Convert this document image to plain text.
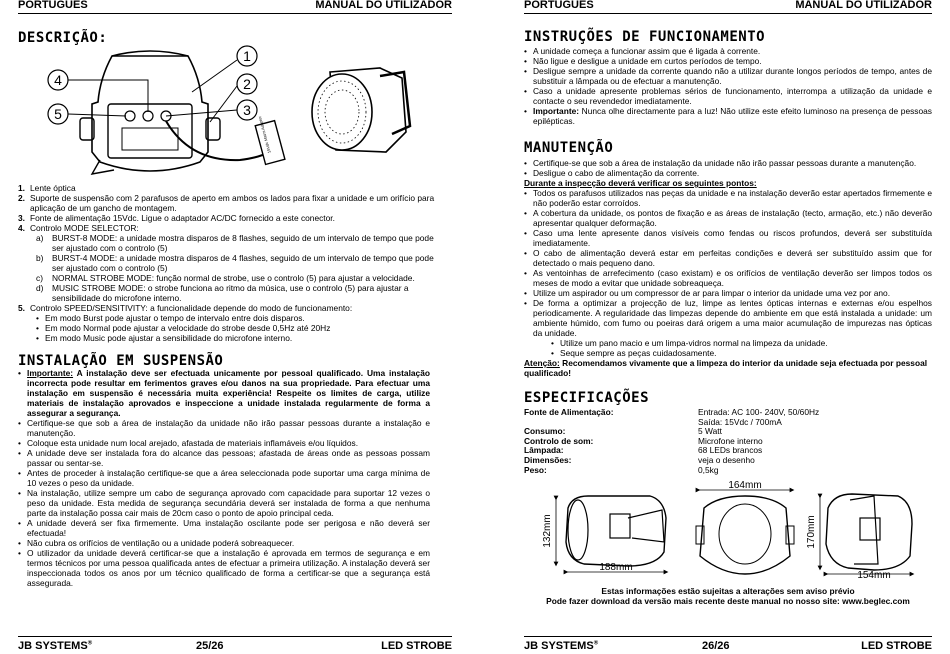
PORTUGUÊS	MANUAL DO UTILIZADOR
DESCRIÇÃO:
15Vdc Mains Adapter
1
2
3
4
5
1. Lente óptica
2. Suporte de suspensão com 2 parafusos de aperto em ambos os lados para fixar a unidade e um orifício para aplicação de um gancho de montagem.
3. Fonte de alimentação 15Vdc. Ligue o adaptador AC/DC fornecido a este conector.
4. Controlo MODE SELECTOR:
a)	BURST-8 MODE: a unidade mostra disparos de 8 flashes, seguido de um intervalo de tempo que pode ser ajustado com o controlo (5)
b)	BURST-4 MODE: a unidade mostra disparos de 4 flashes, seguido de um intervalo de tempo que pode ser ajustado com o controlo (5)
c)	NORMAL STROBE MODE: função normal de strobe, use o controlo (5) para ajustar a velocidade.
d)	MUSIC STROBE MODE: o strobe funciona ao ritmo da música, use o controlo (5) para ajustar a sensibilidade do microfone interno.
5. Controlo SPEED/SENSITIVITY: a funcionalidade depende do modo de funcionamento:
• Em modo Burst pode ajustar o tempo de intervalo entre dois disparos.
• Em modo Normal pode ajustar a velocidade do strobe desde 0,5Hz até 20Hz
• Em modo Music pode ajustar a sensibilidade do microfone interno.
INSTALAÇÃO EM SUSPENSÃO
• Importante: A instalação deve ser efectuada unicamente por pessoal qualificado. Uma instalação incorrecta pode resultar em ferimentos graves e/ou danos na sua propriedade. Para efectuar uma instalação em suspensão é necessária muita experiência! Respeite os limites de carga, utilize materiais de instalação aprovados e inspeccione a unidade instalada regularmente de forma a assegurar a segurança.
• Certifique-se que sob a área de instalação da unidade não irão passar pessoas durante a instalação e manutenção.
• Coloque esta unidade num local arejado, afastada de materiais inflamáveis e/ou líquidos.
• A unidade deve ser instalada fora do alcance das pessoas; afastada de áreas onde as pessoas possam passar ou sentar-se.
• Antes de proceder à instalação certifique-se que a área seleccionada pode suportar uma carga mínima de 10 vezes o peso da unidade.
• Na instalação, utilize sempre um cabo de segurança aprovado com capacidade para suportar 12 vezes o peso da unidade. Esta medida de segurança secundária deverá ser instalada de forma a que nenhuma parte da instalação possa cair mais de 20cm caso o ponto de apoio principal ceda.
• A unidade deverá ser fixa firmemente. Uma instalação oscilante pode ser perigosa e não deverá ser efectuada!
• Não cubra os orifícios de ventilação ou a unidade poderá sobreaquecer.
• O utilizador da unidade deverá certificar-se que a instalação é aprovada em termos de segurança e em termos técnicos por uma pessoa qualificada antes de efectuar a primeira utilização. A instalação deverá ser inspeccionada todos os anos por um técnico qualificado de forma a certificar-se que a segurança está assegurada.
JB SYSTEMS®	25/26	LED STROBE
PORTUGUÊS	MANUAL DO UTILIZADOR
INSTRUÇÕES DE FUNCIONAMENTO
• A unidade começa a funcionar assim que é ligada à corrente.
• Não ligue e desligue a unidade em curtos períodos de tempo.
• Desligue sempre a unidade da corrente quando não a utilizar durante longos períodos de tempo, antes de substituir a lâmpada ou de efectuar a manutenção.
• Caso a unidade apresente problemas sérios de funcionamento, interrompa a utilização da unidade e contacte o seu revendedor imediatamente.
• Importante: Nunca olhe directamente para a luz! Não utilize este efeito luminoso na presença de pessoas epilépticas.
MANUTENÇÃO
• Certifique-se que sob a área de instalação da unidade não irão passar pessoas durante a manutenção.
• Desligue o cabo de alimentação da corrente.
Durante a inspecção deverá verificar os seguintes pontos:
• Todos os parafusos utilizados nas peças da unidade e na instalação deverão estar apertados firmemente e não poderão estar corroídos.
• A cobertura da unidade, os pontos de fixação e as áreas de instalação (tecto, armação, etc.) não deverão apresentar qualquer deformação.
• Caso uma lente apresente danos visíveis como fendas ou riscos profundos, deverá ser substituída imediatamente.
• O cabo de alimentação deverá estar em perfeitas condições e deverá ser substituído assim que for detectado o mais pequeno dano.
• As ventoinhas de arrefecimento (caso existam) e os orifícios de ventilação deverão ser limpos todos os meses de modo a evitar que unidade sobreaqueça.
• Utilize um aspirador ou um compressor de ar para limpar o interior da unidade uma vez por ano.
• De forma a optimizar a projecção de luz, limpe as lentes ópticas internas e externas e/ou espelhos periodicamente. A regularidade das limpezas depende do ambiente em que está instalada a unidade: um ambiente húmido, com fumo ou poeiras dará origem a uma maior acumulação de impurezas nas ópticas da unidade.
• Utilize um pano macio e um limpa-vidros normal na limpeza da unidade.
• Seque sempre as peças cuidadosamente.
Atenção: Recomendamos vivamente que a limpeza do interior da unidade seja efectuada por pessoal qualificado!
ESPECIFICAÇÕES
Fonte de Alimentação:	Entrada: AC 100- 240V, 50/60Hz
Saída: 15Vdc / 700mA
Consumo:	5 Watt
Controlo de som:	Microfone interno
Lâmpada:	68 LEDs brancos
Dimensões:	veja o desenho
Peso:	0,5kg
132mm
188mm
164mm
170mm
154mm
Estas informações estão sujeitas a alterações sem aviso prévio
Pode fazer download da versão mais recente deste manual no nosso site: www.beglec.com
JB SYSTEMS®	26/26	LED STROBE
